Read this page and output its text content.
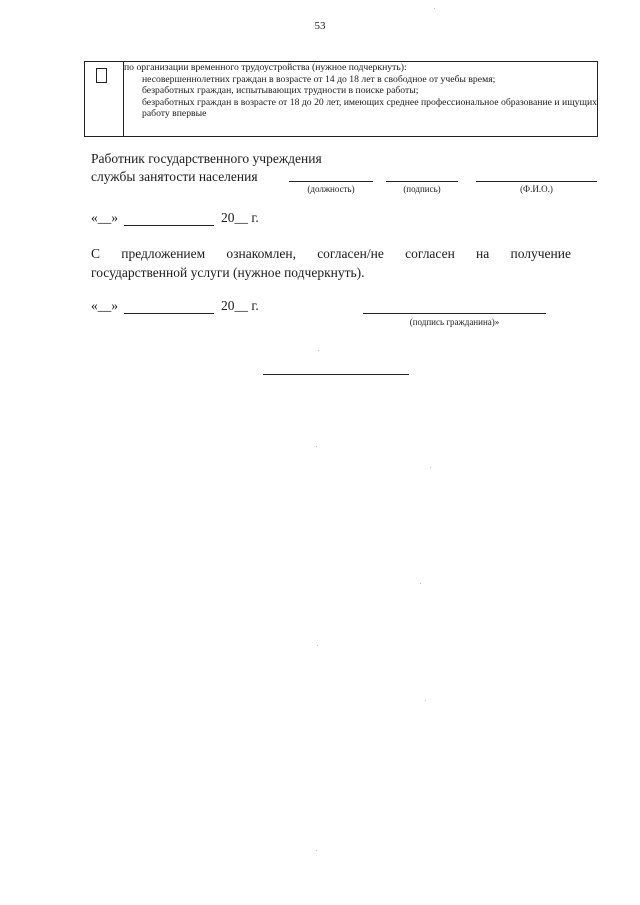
53

по организации временного трудоустройства (нужное подчеркнуть):
несовершеннолетних граждан в возрасте от 14 до 18 лет в свободное от учебы время;
безработных граждан, испытывающих трудности в поиске работы;
безработных граждан в возрасте от 18 до 20 лет, имеющих среднее профессиональное образование и ищущих работу впервые
Работник государственного учреждения
службы занятости населения
(должность)	(подпись)	(Ф.И.О.)
«__»	20__ г.
С предложением ознакомлен, согласен/не согласен на получение
государственной услуги (нужное подчеркнуть).
«__»	20__ г.
(подпись гражданина)»
